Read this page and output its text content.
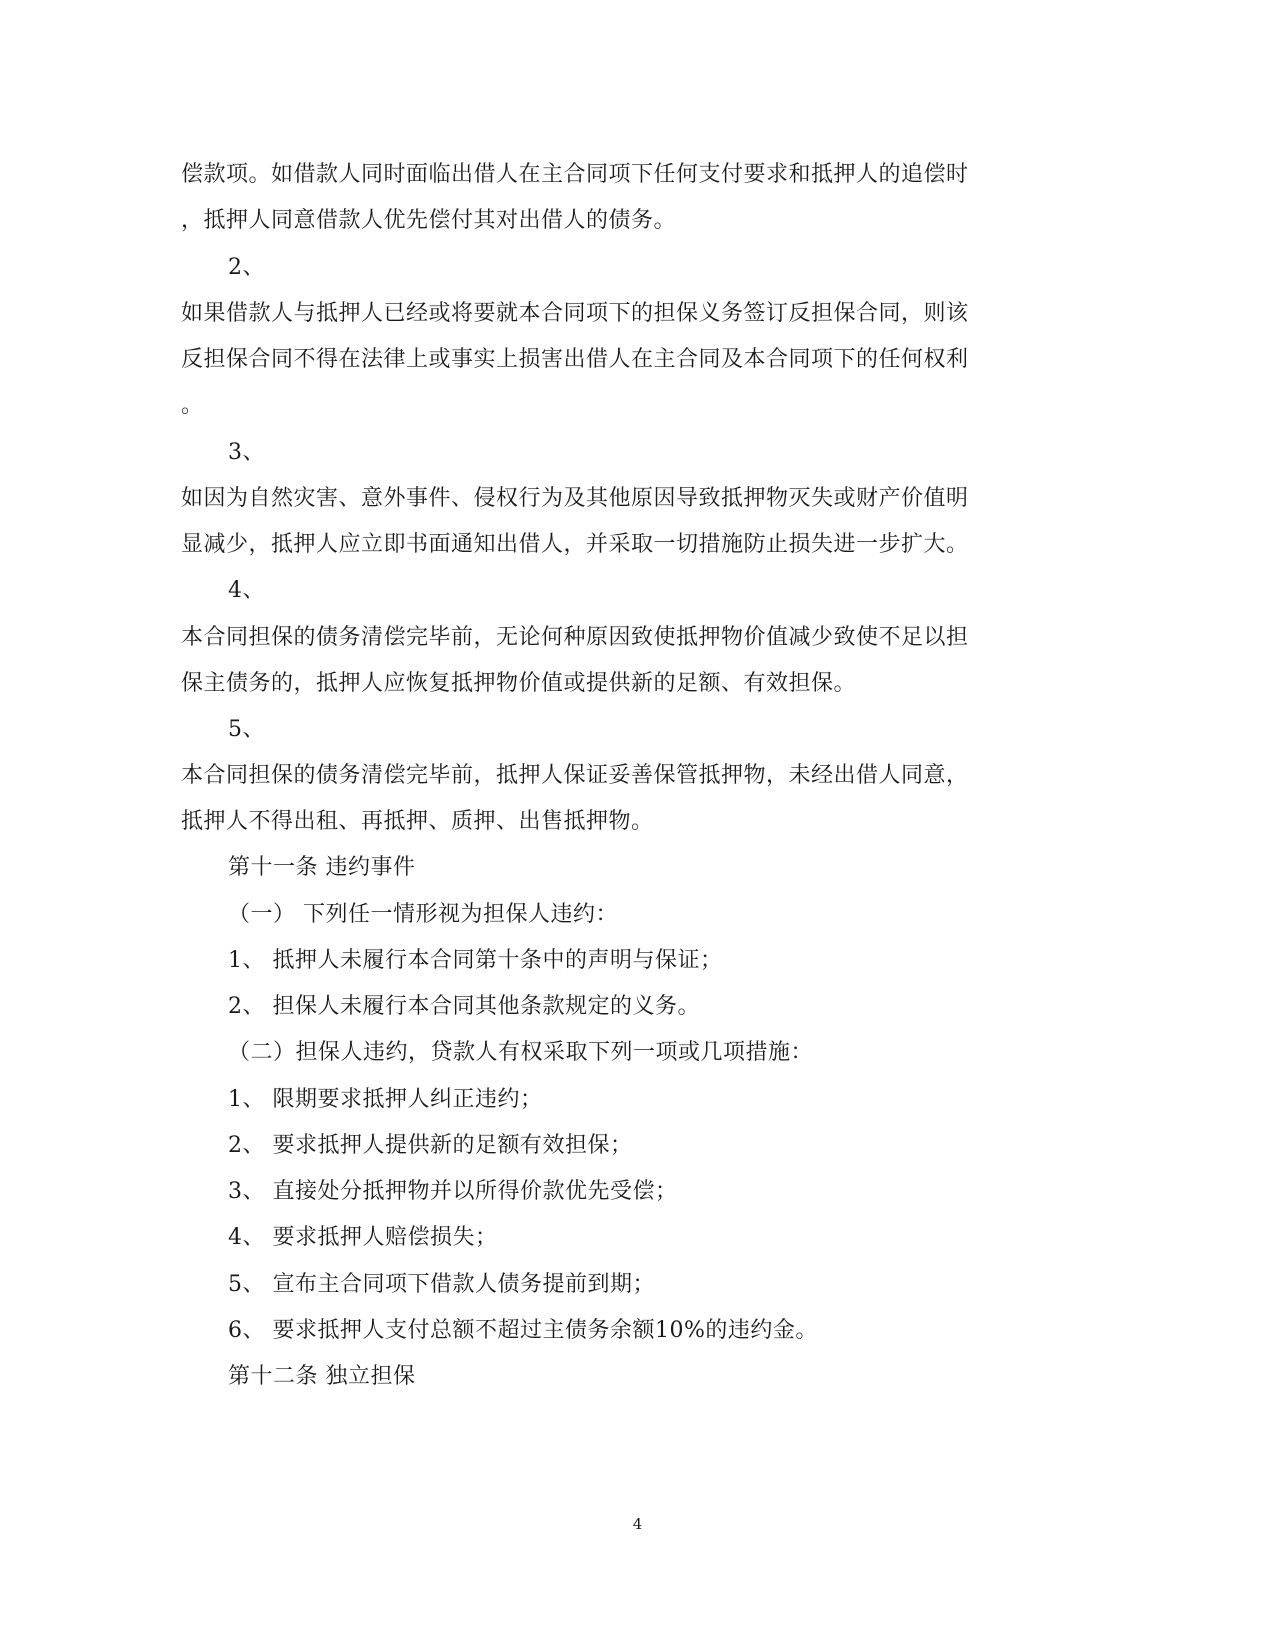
偿款项。如借款人同时面临出借人在主合同项下任何支付要求和抵押人的追偿时
，抵押人同意借款人优先偿付其对出借人的债务。
2、
如果借款人与抵押人已经或将要就本合同项下的担保义务签订反担保合同，则该
反担保合同不得在法律上或事实上损害出借人在主合同及本合同项下的任何权利
。
3、
如因为自然灾害、意外事件、侵权行为及其他原因导致抵押物灭失或财产价值明
显减少，抵押人应立即书面通知出借人，并采取一切措施防止损失进一步扩大。
4、
本合同担保的债务清偿完毕前，无论何种原因致使抵押物价值减少致使不足以担
保主债务的，抵押人应恢复抵押物价值或提供新的足额、有效担保。
5、
本合同担保的债务清偿完毕前，抵押人保证妥善保管抵押物，未经出借人同意，
抵押人不得出租、再抵押、质押、出售抵押物。
第十一条 违约事件
（一） 下列任一情形视为担保人违约：
1、 抵押人未履行本合同第十条中的声明与保证；
2、 担保人未履行本合同其他条款规定的义务。
（二）担保人违约，贷款人有权采取下列一项或几项措施：
1、 限期要求抵押人纠正违约；
2、 要求抵押人提供新的足额有效担保；
3、 直接处分抵押物并以所得价款优先受偿；
4、 要求抵押人赔偿损失；
5、 宣布主合同项下借款人债务提前到期；
6、 要求抵押人支付总额不超过主债务余额10%的违约金。
第十二条 独立担保
4
